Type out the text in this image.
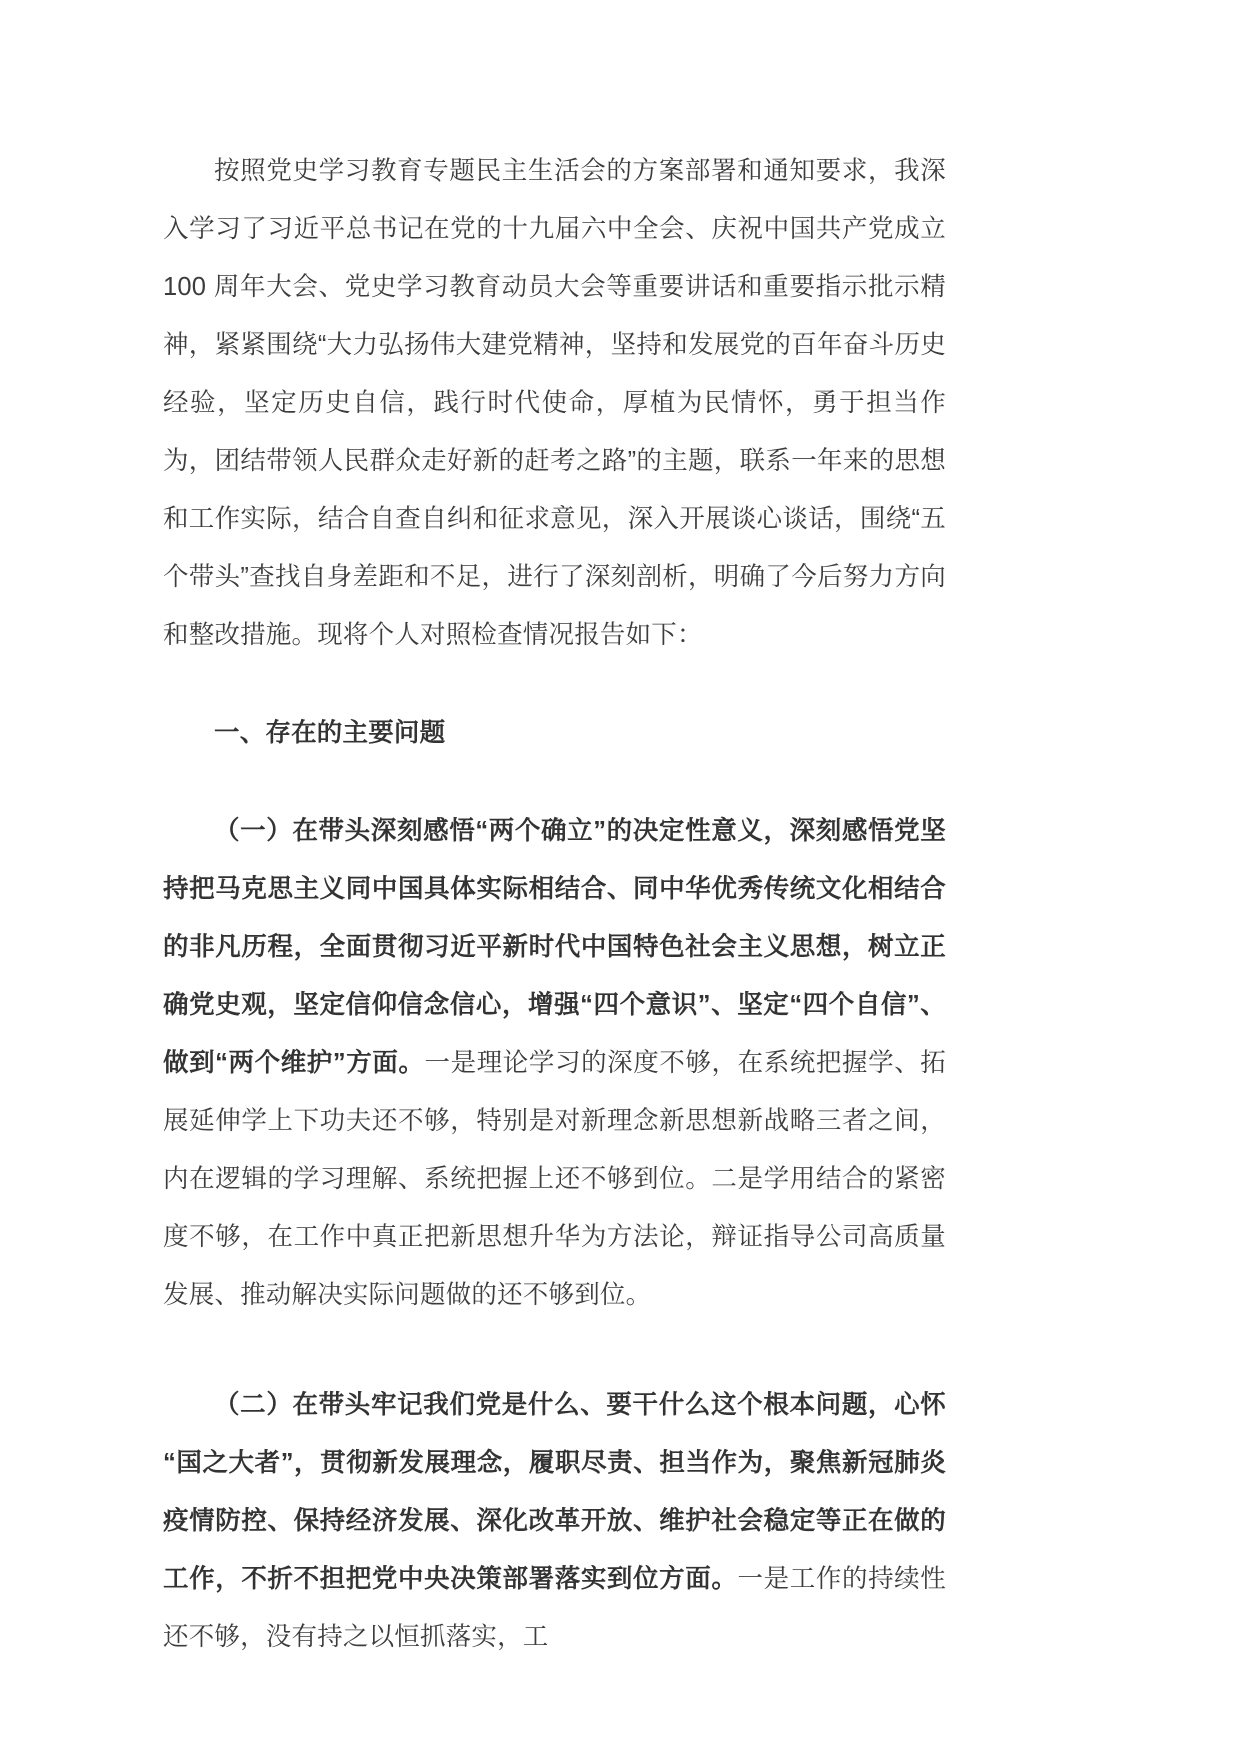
按照党史学习教育专题民主生活会的方案部署和通知要求，我深入学习了习近平总书记在党的十九届六中全会、庆祝中国共产党成立 100 周年大会、党史学习教育动员大会等重要讲话和重要指示批示精神，紧紧围绕“大力弘扬伟大建党精神，坚持和发展党的百年奋斗历史经验，坚定历史自信，践行时代使命，厚植为民情怀，勇于担当作为，团结带领人民群众走好新的赶考之路”的主题，联系一年来的思想和工作实际，结合自查自纠和征求意见，深入开展谈心谈话，围绕“五个带头”查找自身差距和不足，进行了深刻剖析，明确了今后努力方向和整改措施。现将个人对照检查情况报告如下：

一、存在的主要问题

（一）在带头深刻感悟“两个确立”的决定性意义，深刻感悟党坚持把马克思主义同中国具体实际相结合、同中华优秀传统文化相结合的非凡历程，全面贯彻习近平新时代中国特色社会主义思想，树立正确党史观，坚定信仰信念信心，增强“四个意识”、坚定“四个自信”、做到“两个维护”方面。一是理论学习的深度不够，在系统把握学、拓展延伸学上下功夫还不够，特别是对新理念新思想新战略三者之间，内在逻辑的学习理解、系统把握上还不够到位。二是学用结合的紧密度不够，在工作中真正把新思想升华为方法论，辩证指导公司高质量发展、推动解决实际问题做的还不够到位。

（二）在带头牢记我们党是什么、要干什么这个根本问题，心怀“国之大者”，贯彻新发展理念，履职尽责、担当作为，聚焦新冠肺炎疫情防控、保持经济发展、深化改革开放、维护社会稳定等正在做的工作，不折不担把党中央决策部署落实到位方面。一是工作的持续性还不够，没有持之以恒抓落实，工
